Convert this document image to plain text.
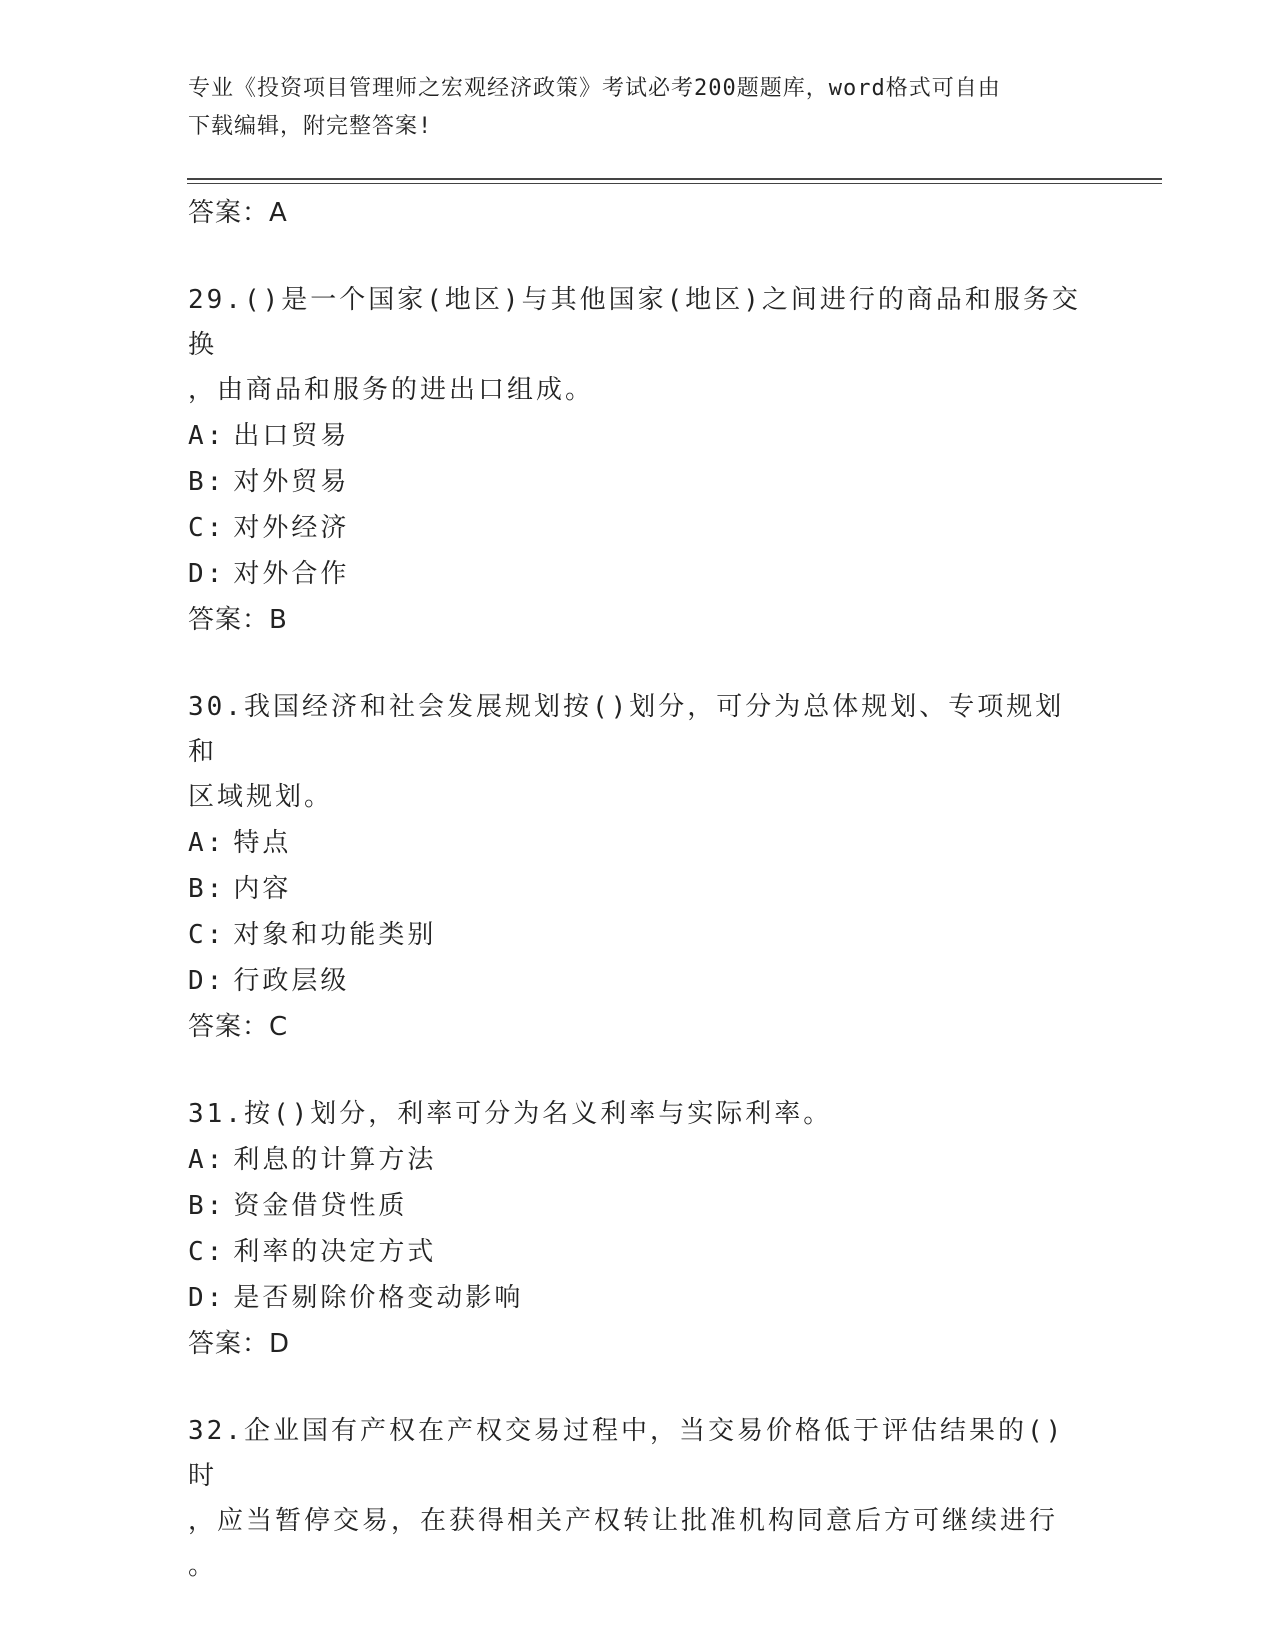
专业《投资项目管理师之宏观经济政策》考试必考200题题库，word格式可自由
下载编辑，附完整答案!
答案：A
29.()是一个国家(地区)与其他国家(地区)之间进行的商品和服务交换
，由商品和服务的进出口组成。
A: 出口贸易
B: 对外贸易
C: 对外经济
D: 对外合作
答案：B
30.我国经济和社会发展规划按()划分，可分为总体规划、专项规划和
区域规划。
A: 特点
B: 内容
C: 对象和功能类别
D: 行政层级
答案：C
31.按()划分，利率可分为名义利率与实际利率。
A: 利息的计算方法
B: 资金借贷性质
C: 利率的决定方式
D: 是否剔除价格变动影响
答案：D
32.企业国有产权在产权交易过程中，当交易价格低于评估结果的()时
，应当暂停交易，在获得相关产权转让批准机构同意后方可继续进行
。
